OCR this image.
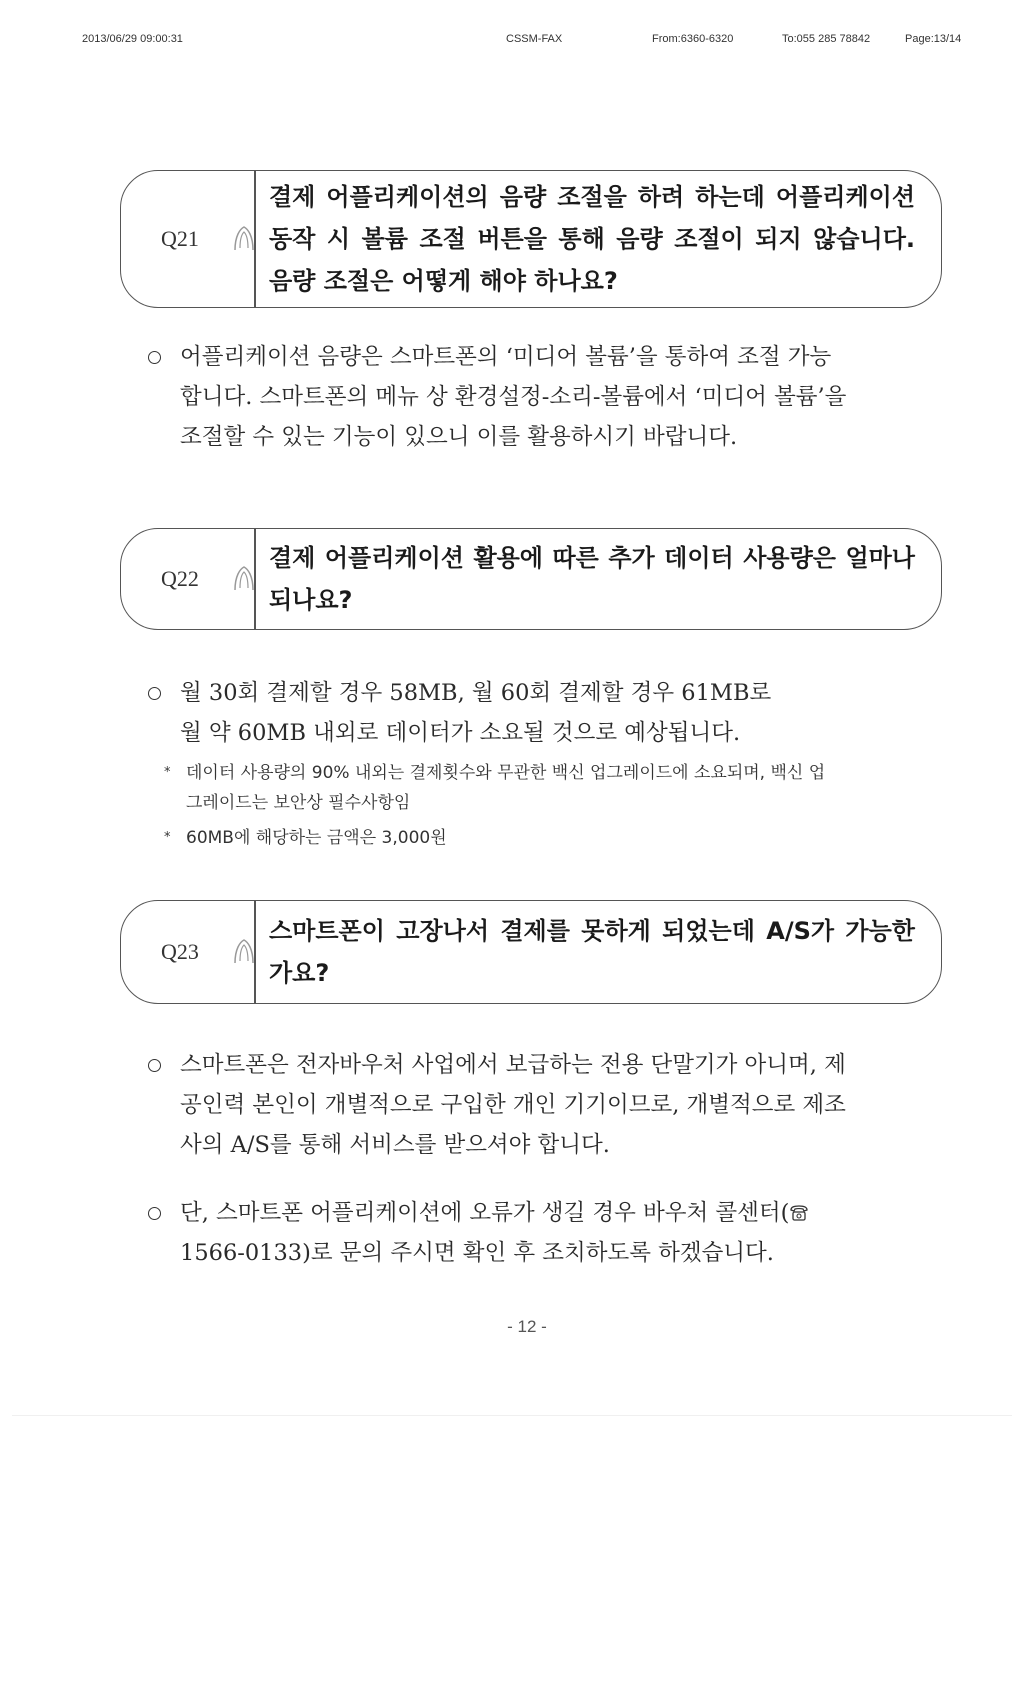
2013/06/29 09:00:31	CSSM-FAX	From:6360-6320	To:055 285 78842	Page:13/14
Q21
결제 어플리케이션의 음량 조절을 하려 하는데 어플리케이션 동작 시 볼륨 조절 버튼을 통해 음량 조절이 되지 않습니다. 음량 조절은 어떻게 해야 하나요?
어플리케이션 음량은 스마트폰의 ‘미디어 볼륨’을 통하여 조절 가능
합니다. 스마트폰의 메뉴 상 환경설정-소리-볼륨에서 ‘미디어 볼륨’을
조절할 수 있는 기능이 있으니 이를 활용하시기 바랍니다.
Q22
결제 어플리케이션 활용에 따른 추가 데이터 사용량은 얼마나 되나요?
월 30회 결제할 경우 58MB, 월 60회 결제할 경우 61MB로
월 약 60MB 내외로 데이터가 소요될 것으로 예상됩니다.
* 데이터 사용량의 90% 내외는 결제횟수와 무관한 백신 업그레이드에 소요되며, 백신 업
그레이드는 보안상 필수사항임
* 60MB에 해당하는 금액은 3,000원
Q23
스마트폰이 고장나서 결제를 못하게 되었는데 A/S가 가능한가요?
스마트폰은 전자바우처 사업에서 보급하는 전용 단말기가 아니며, 제
공인력 본인이 개별적으로 구입한 개인 기기이므로, 개별적으로 제조
사의 A/S를 통해 서비스를 받으셔야 합니다.
단, 스마트폰 어플리케이션에 오류가 생길 경우 바우처 콜센터(
1566-0133)로 문의 주시면 확인 후 조치하도록 하겠습니다.
- 12 -
